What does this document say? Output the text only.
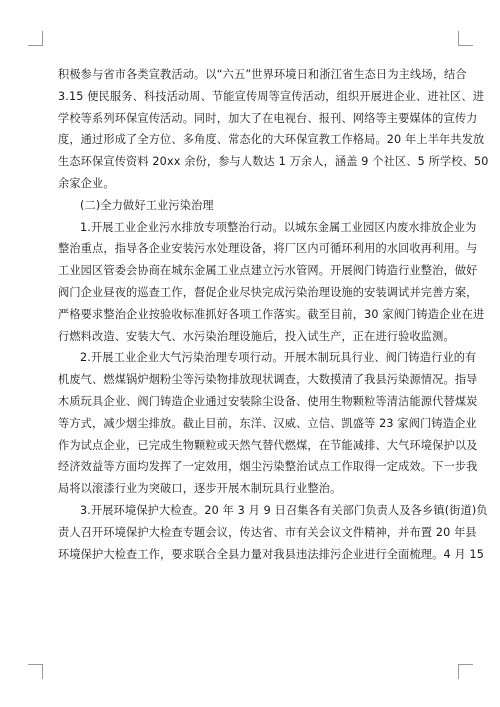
积极参与省市各类宣教活动。以“六五”世界环境日和浙江省生态日为主线场，结合
3.15 便民服务、科技活动周、节能宣传周等宣传活动，组织开展进企业、进社区、进
学校等系列环保宣传活动。同时，加大了在电视台、报刊、网络等主要媒体的宣传力
度，通过形成了全方位、多角度、常态化的大环保宣教工作格局。20 年上半年共发放
生态环保宣传资料 20xx 余份，参与人数达 1 万余人，涵盖 9 个社区、5 所学校、50
余家企业。
(二)全力做好工业污染治理
1.开展工业企业污水排放专项整治行动。以城东金属工业园区内废水排放企业为
整治重点，指导各企业安装污水处理设备，将厂区内可循环利用的水回收再利用。与
工业园区管委会协商在城东金属工业点建立污水管网。开展阀门铸造行业整治，做好
阀门企业昼夜的巡查工作，督促企业尽快完成污染治理设施的安装调试并完善方案，
严格要求整治企业按验收标准抓好各项工作落实。截至目前，30 家阀门铸造企业在进
行燃料改造、安装大气、水污染治理设施后，投入试生产，正在进行验收监测。
2.开展工业企业大气污染治理专项行动。开展木制玩具行业、阀门铸造行业的有
机废气、燃煤锅炉烟粉尘等污染物排放现状调查，大数摸清了我县污染源情况。指导
木质玩具企业、阀门铸造企业通过安装除尘设备、使用生物颗粒等清洁能源代替煤炭
等方式，减少烟尘排放。截止目前，东洋、汉威、立信、凯盛等 23 家阀门铸造企业
作为试点企业，已完成生物颗粒或天然气替代燃煤，在节能减排、大气环境保护以及
经济效益等方面均发挥了一定效用，烟尘污染整治试点工作取得一定成效。下一步我
局将以滚漆行业为突破口，逐步开展木制玩具行业整治。
3.开展环境保护大检查。20 年 3 月 9 日召集各有关部门负责人及各乡镇(街道)负
责人召开环境保护大检查专题会议，传达省、市有关会议文件精神，并布置 20 年县
环境保护大检查工作，要求联合全县力量对我县违法排污企业进行全面梳理。4 月 15
